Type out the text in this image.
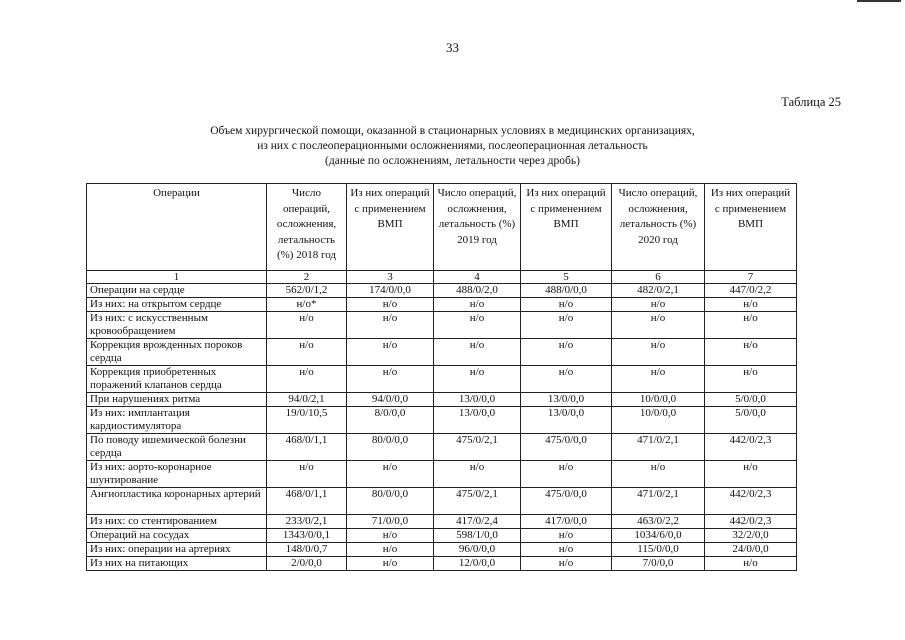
33
Таблица 25
Объем хирургической помощи, оказанной в стационарных условиях в медицинских организациях,
из них с послеоперационными осложнениями, послеоперационная летальность
(данные по осложнениям, летальности через дробь)
Операции	Число операций, осложнения, летальность (%) 2018 год	Из них операций с применением ВМП	Число операций, осложнения, летальность (%) 2019 год	Из них операций с применением ВМП	Число операций, осложнения, летальность (%) 2020 год	Из них операций с применением ВМП
1	2	3	4	5	6	7
Операции на сердце	562/0/1,2	174/0/0,0	488/0/2,0	488/0/0,0	482/0/2,1	447/0/2,2
Из них: на открытом сердце	н/о*	н/о	н/о	н/о	н/о	н/о
Из них: с искусственным кровообращением	н/о	н/о	н/о	н/о	н/о	н/о
Коррекция врожденных пороков сердца	н/о	н/о	н/о	н/о	н/о	н/о
Коррекция приобретенных поражений клапанов сердца	н/о	н/о	н/о	н/о	н/о	н/о
При нарушениях ритма	94/0/2,1	94/0/0,0	13/0/0,0	13/0/0,0	10/0/0,0	5/0/0,0
Из них: имплантация кардиостимулятора	19/0/10,5	8/0/0,0	13/0/0,0	13/0/0,0	10/0/0,0	5/0/0,0
По поводу ишемической болезни сердца	468/0/1,1	80/0/0,0	475/0/2,1	475/0/0,0	471/0/2,1	442/0/2,3
Из них: аорто-коронарное шунтирование	н/о	н/о	н/о	н/о	н/о	н/о
Ангиопластика коронарных артерий	468/0/1,1	80/0/0,0	475/0/2,1	475/0/0,0	471/0/2,1	442/0/2,3
Из них: со стентированием	233/0/2,1	71/0/0,0	417/0/2,4	417/0/0,0	463/0/2,2	442/0/2,3
Операций на сосудах	1343/0/0,1	н/о	598/1/0,0	н/о	1034/6/0,0	32/2/0,0
Из них: операции на артериях	148/0/0,7	н/о	96/0/0,0	н/о	115/0/0,0	24/0/0,0
Из них на питающих	2/0/0,0	н/о	12/0/0,0	н/о	7/0/0,0	н/о
